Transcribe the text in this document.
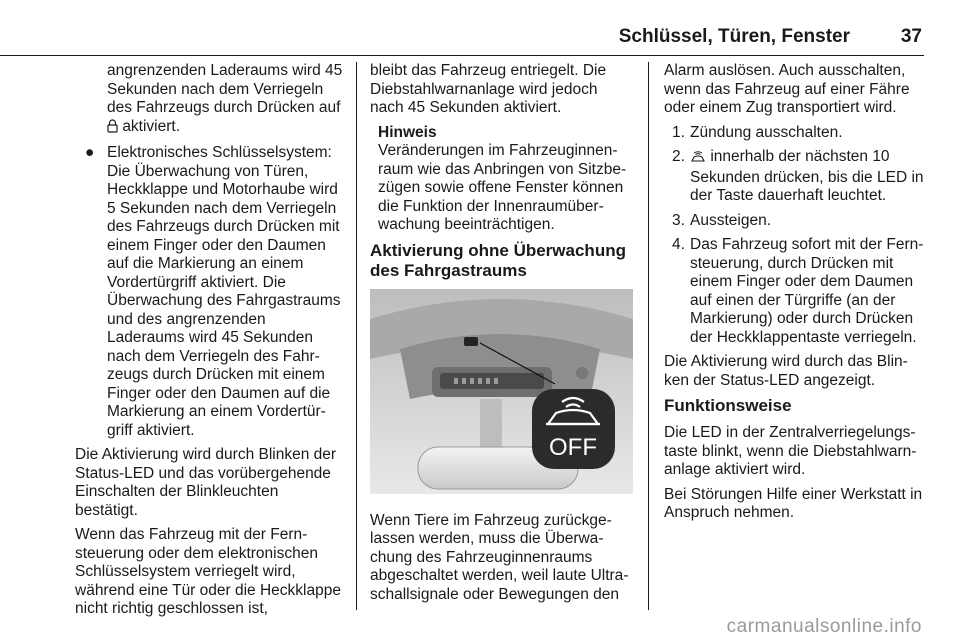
Schlüssel, Türen, Fenster	37

angrenzenden Laderaums wird 45 Sekunden nach dem Verriegeln des Fahrzeugs durch Drücken auf  aktiviert.

● Elektronisches Schlüsselsystem: Die Überwachung von Türen, Heckklappe und Motorhaube wird 5 Sekunden nach dem Verriegeln des Fahrzeugs durch Drücken mit einem Finger oder den Daumen auf die Markierung an einem Vordertürgriff aktiviert. Die Überwachung des Fahrgastraums und des angrenzenden Laderaums wird 45 Sekunden nach dem Verriegeln des Fahrzeugs durch Drücken mit einem Finger oder den Daumen auf die Markierung an einem Vordertürgriff aktiviert.

Die Aktivierung wird durch Blinken der Status-LED und das vorübergehende Einschalten der Blinkleuchten bestätigt.

Wenn das Fahrzeug mit der Fernsteuerung oder dem elektronischen Schlüsselsystem verriegelt wird, während eine Tür oder die Heckklappe nicht richtig geschlossen ist,

bleibt das Fahrzeug entriegelt. Die Diebstahlwarnanlage wird jedoch nach 45 Sekunden aktiviert.

Hinweis
Veränderungen im Fahrzeuginnenraum wie das Anbringen von Sitzbezügen sowie offene Fenster können die Funktion der Innenraumüberwachung beeinträchtigen.
Aktivierung ohne Überwachung des Fahrgastraums
OFF

Wenn Tiere im Fahrzeug zurückgelassen werden, muss die Überwachung des Fahrzeuginnenraums abgeschaltet werden, weil laute Ultraschallsignale oder Bewegungen den

Alarm auslösen. Auch ausschalten, wenn das Fahrzeug auf einer Fähre oder einem Zug transportiert wird.

1. Zündung ausschalten.
2. innerhalb der nächsten 10 Sekunden drücken, bis die LED in der Taste dauerhaft leuchtet.
3. Aussteigen.
4. Das Fahrzeug sofort mit der Fernsteuerung, durch Drücken mit einem Finger oder dem Daumen auf einen der Türgriffe (an der Markierung) oder durch Drücken der Heckklappentaste verriegeln.

Die Aktivierung wird durch das Blinken der Status-LED angezeigt.

Funktionsweise

Die LED in der Zentralverriegelungstaste blinkt, wenn die Diebstahlwarnanlage aktiviert wird.

Bei Störungen Hilfe einer Werkstatt in Anspruch nehmen.

carmanualsonline.info
